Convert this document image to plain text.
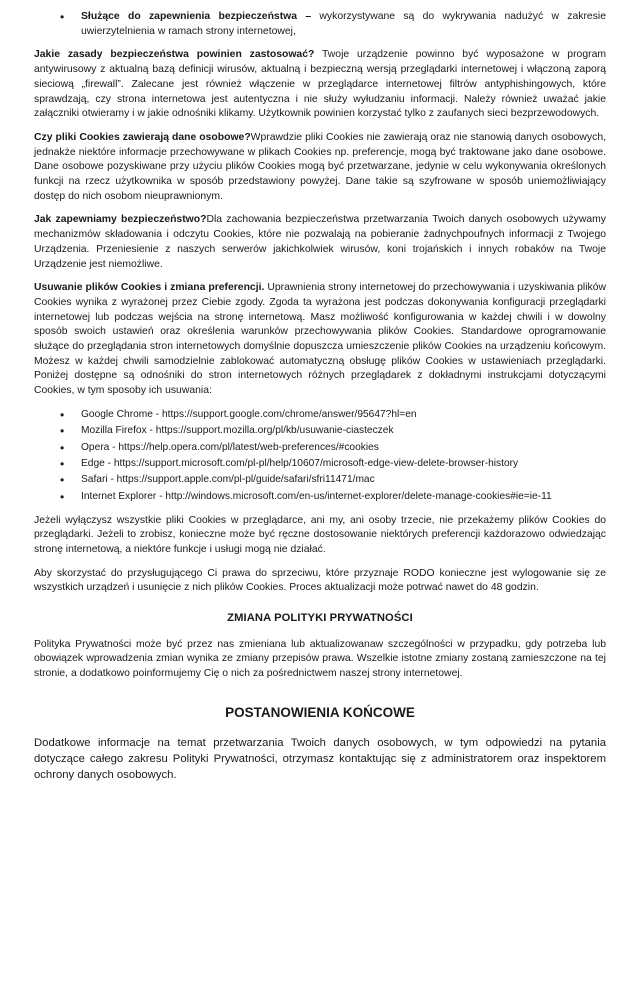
• Służące do zapewnienia bezpieczeństwa – wykorzystywane są do wykrywania nadużyć w zakresie uwierzytelnienia w ramach strony internetowej,

Jakie zasady bezpieczeństwa powinien zastosować? Twoje urządzenie powinno być wyposażone w program antywirusowy z aktualną bazą definicji wirusów, aktualną i bezpieczną wersją przeglądarki internetowej i włączoną zaporą sieciową „firewall”. Zalecane jest również włączenie w przeglądarce internetowej filtrów antyphishingowych, które sprawdzają, czy strona internetowa jest autentyczna i nie służy wyłudzaniu informacji. Należy również uważać jakie załączniki otwieramy i w jakie odnośniki klikamy. Użytkownik powinien korzystać tylko z zaufanych sieci bezprzewodowych.

Czy pliki Cookies zawierają dane osobowe?Wprawdzie pliki Cookies nie zawierają oraz nie stanowią danych osobowych, jednakże niektóre informacje przechowywane w plikach Cookies np. preferencje, mogą być traktowane jako dane osobowe. Dane osobowe pozyskiwane przy użyciu plików Cookies mogą być przetwarzane, jedynie w celu wykonywania określonych funkcji na rzecz użytkownika w sposób przedstawiony powyżej. Dane takie są szyfrowane w sposób uniemożliwiający dostęp do nich osobom nieuprawnionym.

Jak zapewniamy bezpieczeństwo?Dla zachowania bezpieczeństwa przetwarzania Twoich danych osobowych używamy mechanizmów składowania i odczytu Cookies, które nie pozwalają na pobieranie żadnychpoufnych informacji z Twojego Urządzenia. Przeniesienie z naszych serwerów jakichkolwiek wirusów, koni trojańskich i innych robaków na Twoje Urządzenie jest niemożliwe.

Usuwanie plików Cookies i zmiana preferencji. Uprawnienia strony internetowej do przechowywania i uzyskiwania plików Cookies wynika z wyrażonej przez Ciebie zgody. Zgoda ta wyrażona jest podczas dokonywania konfiguracji przeglądarki internetowej lub podczas wejścia na stronę internetową. Masz możliwość konfigurowania w każdej chwili i w dowolny sposób swoich ustawień oraz określenia warunków przechowywania plików Cookies. Standardowe oprogramowanie służące do przeglądania stron internetowych domyślnie dopuszcza umieszczenie plików Cookies na urządzeniu końcowym. Możesz w każdej chwili samodzielnie zablokować automatyczną obsługę plików Cookies w ustawieniach przeglądarki. Poniżej dostępne są odnośniki do stron internetowych różnych przeglądarek z dokładnymi instrukcjami dotyczącymi Cookies, w tym sposoby ich usuwania:

• Google Chrome - https://support.google.com/chrome/answer/95647?hl=en
• Mozilla Firefox - https://support.mozilla.org/pl/kb/usuwanie-ciasteczek
• Opera - https://help.opera.com/pl/latest/web-preferences/#cookies
• Edge - https://support.microsoft.com/pl-pl/help/10607/microsoft-edge-view-delete-browser-history
• Safari - https://support.apple.com/pl-pl/guide/safari/sfri11471/mac
• Internet Explorer - http://windows.microsoft.com/en-us/internet-explorer/delete-manage-cookies#ie=ie-11

Jeżeli wyłączysz wszystkie pliki Cookies w przeglądarce, ani my, ani osoby trzecie, nie przekażemy plików Cookies do przeglądarki. Jeżeli to zrobisz, konieczne może być ręczne dostosowanie niektórych preferencji każdorazowo odwiedzając stronę internetową, a niektóre funkcje i usługi mogą nie działać.

Aby skorzystać do przysługującego Ci prawa do sprzeciwu, które przyznaje RODO konieczne jest wylogowanie się ze wszystkich urządzeń i usunięcie z nich plików Cookies. Proces aktualizacji może potrwać nawet do 48 godzin.

ZMIANA POLITYKI PRYWATNOŚCI

Polityka Prywatności może być przez nas zmieniana lub aktualizowanaw szczególności w przypadku, gdy potrzeba lub obowiązek wprowadzenia zmian wynika ze zmiany przepisów prawa. Wszelkie istotne zmiany zostaną zamieszczone na tej stronie, a dodatkowo poinformujemy Cię o nich za pośrednictwem naszej strony internetowej.

POSTANOWIENIA KOŃCOWE

Dodatkowe informacje na temat przetwarzania Twoich danych osobowych, w tym odpowiedzi na pytania dotyczące całego zakresu Polityki Prywatności, otrzymasz kontaktując się z administratorem oraz inspektorem ochrony danych osobowych.
